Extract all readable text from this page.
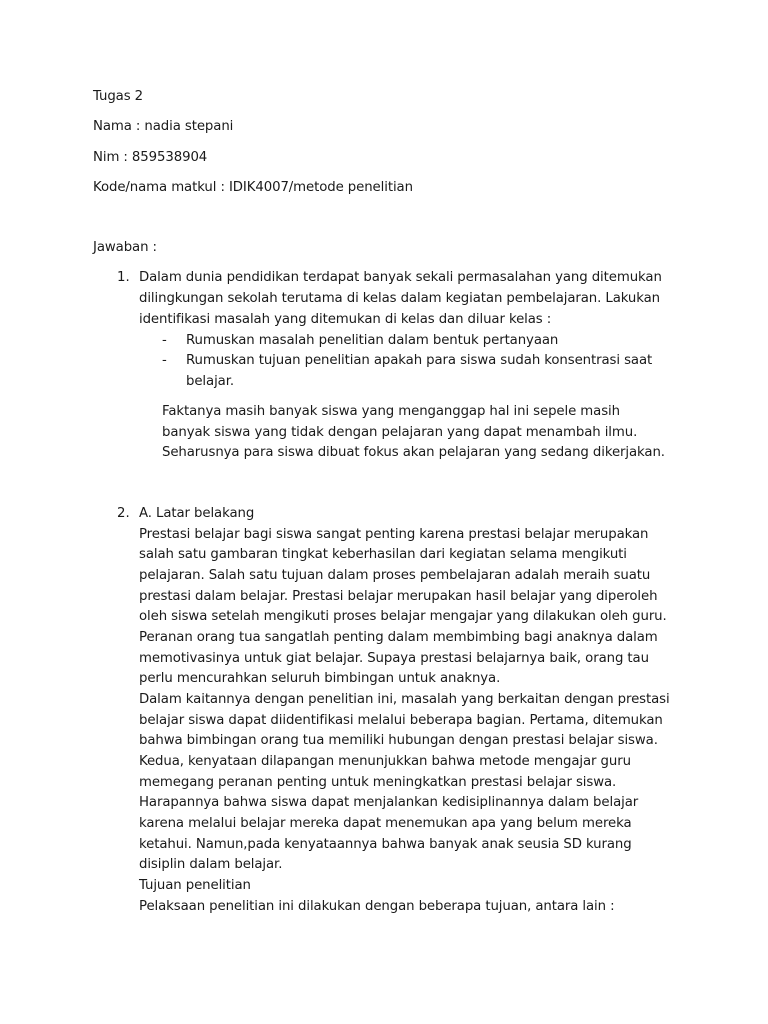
Tugas 2
Nama : nadia stepani
Nim : 859538904
Kode/nama matkul : IDIK4007/metode penelitian
Jawaban :
1. Dalam dunia pendidikan terdapat banyak sekali permasalahan yang ditemukan
dilingkungan sekolah terutama di kelas dalam kegiatan pembelajaran. Lakukan
identifikasi masalah yang ditemukan di kelas dan diluar kelas :
- Rumuskan masalah penelitian dalam bentuk pertanyaan
- Rumuskan tujuan penelitian apakah para siswa sudah konsentrasi saat
belajar.
Faktanya masih banyak siswa yang menganggap hal ini sepele masih
banyak siswa yang tidak dengan pelajaran yang dapat menambah ilmu.
Seharusnya para siswa dibuat fokus akan pelajaran yang sedang dikerjakan.
2. A. Latar belakang
Prestasi belajar bagi siswa sangat penting karena prestasi belajar merupakan
salah satu gambaran tingkat keberhasilan dari kegiatan selama mengikuti
pelajaran. Salah satu tujuan dalam proses pembelajaran adalah meraih suatu
prestasi dalam belajar. Prestasi belajar merupakan hasil belajar yang diperoleh
oleh siswa setelah mengikuti proses belajar mengajar yang dilakukan oleh guru.
Peranan orang tua sangatlah penting dalam membimbing bagi anaknya dalam
memotivasinya untuk giat belajar. Supaya prestasi belajarnya baik, orang tau
perlu mencurahkan seluruh bimbingan untuk anaknya.
Dalam kaitannya dengan penelitian ini, masalah yang berkaitan dengan prestasi
belajar siswa dapat diidentifikasi melalui beberapa bagian. Pertama, ditemukan
bahwa bimbingan orang tua memiliki hubungan dengan prestasi belajar siswa.
Kedua, kenyataan dilapangan menunjukkan bahwa metode mengajar guru
memegang peranan penting untuk meningkatkan prestasi belajar siswa.
Harapannya bahwa siswa dapat menjalankan kedisiplinannya dalam belajar
karena melalui belajar mereka dapat menemukan apa yang belum mereka
ketahui. Namun,pada kenyataannya bahwa banyak anak seusia SD kurang
disiplin dalam belajar.
Tujuan penelitian
Pelaksaan penelitian ini dilakukan dengan beberapa tujuan, antara lain :
